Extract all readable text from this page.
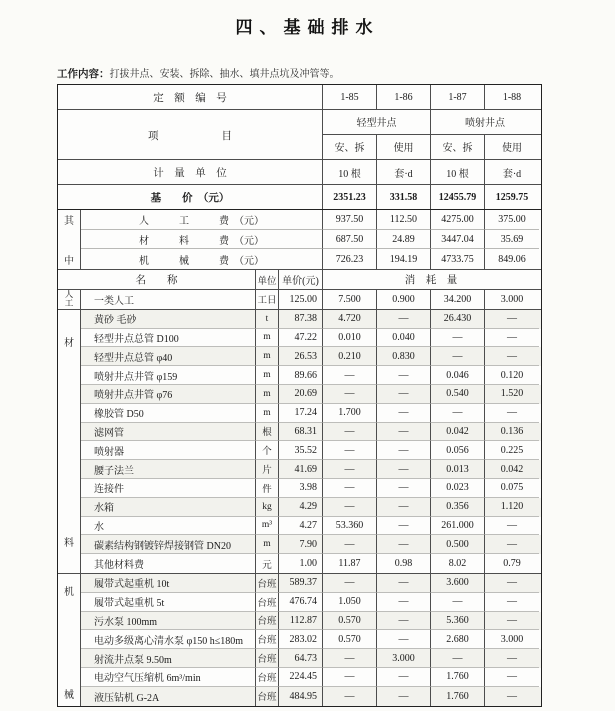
四、基础排水
工作内容：打拔井点、安装、拆除、抽水、填井点坑及冲管等。
定　额　编　号	1-85	1-86	1-87	1-88
项　　　　　　目
轻型井点	喷射井点
安、拆	使用	安、拆	使用
计　量　单　位	10 根	套·d	10 根	套·d
基　　价　（元）	2351.23	331.58	12455.79	1259.75
其
中
人　　　工　　　费　（元）	937.50	112.50	4275.00	375.00
材　　　料　　　费　（元）	687.50	24.89	3447.04	35.69
机　　　械　　　费　（元）	726.23	194.19	4733.75	849.06
名　　称	单位 单价(元)	消　耗　量
人
工	一类人工	工日	125.00	7.500	0.900	34.200	3.000
材
料
黄砂 毛砂	t	87.38	4.720	—	26.430	—
轻型井点总管 D100	m	47.22	0.010	0.040	—	—
轻型井点总管 φ40	m	26.53	0.210	0.830	—	—
喷射井点井管 φ159	m	89.66	—	—	0.046	0.120
喷射井点井管 φ76	m	20.69	—	—	0.540	1.520
橡胶管 D50	m	17.24	1.700	—	—	—
滤网管	根	68.31	—	—	0.042	0.136
喷射器	个	35.52	—	—	0.056	0.225
腰子法兰	片	41.69	—	—	0.013	0.042
连接件	件	3.98	—	—	0.023	0.075
水箱	kg	4.29	—	—	0.356	1.120
水	m³	4.27	53.360	—	261.000	—
碳素结构钢镀锌焊接钢管 DN20	m	7.90	—	—	0.500	—
其他材料费	元	1.00	11.87	0.98	8.02	0.79
机
械
履带式起重机 10t	台班	589.37	—	—	3.600	—
履带式起重机 5t	台班	476.74	1.050	—	—	—
污水泵 100mm	台班	112.87	0.570	—	5.360	—
电动多级离心清水泵 φ150 h≤180m	台班	283.02	0.570	—	2.680	3.000
射流井点泵 9.50m	台班	64.73	—	3.000	—	—
电动空气压缩机 6m³/min	台班	224.45	—	—	1.760	—
液压钻机 G-2A	台班	484.95	—	—	1.760	—
